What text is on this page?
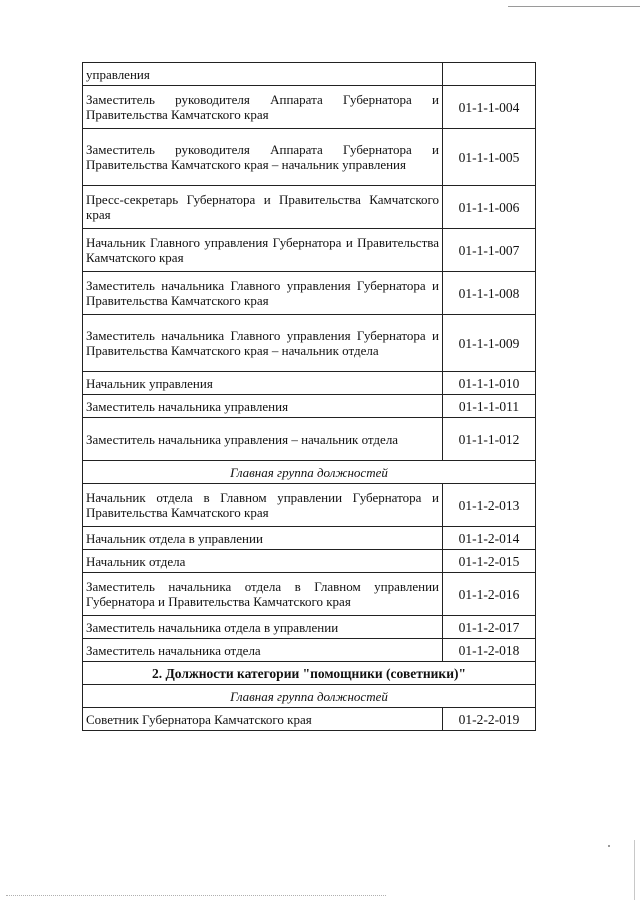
управления	
Заместитель руководителя Аппарата Губернатора и Правительства Камчатского края	01-1-1-004
Заместитель руководителя Аппарата Губернатора и Правительства Камчатского края – начальник управления	01-1-1-005
Пресс-секретарь Губернатора и Правительства Камчатского края	01-1-1-006
Начальник Главного управления Губернатора и Правительства Камчатского края	01-1-1-007
Заместитель начальника Главного управления Губернатора и Правительства Камчатского края	01-1-1-008
Заместитель начальника Главного управления Губернатора и Правительства Камчатского края – начальник отдела	01-1-1-009
Начальник управления	01-1-1-010
Заместитель начальника управления	01-1-1-011
Заместитель начальника управления – начальник отдела	01-1-1-012
Главная группа должностей	
Начальник отдела в Главном управлении Губернатора и Правительства Камчатского края	01-1-2-013
Начальник отдела в управлении	01-1-2-014
Начальник отдела	01-1-2-015
Заместитель начальника отдела в Главном управлении Губернатора и Правительства Камчатского края	01-1-2-016
Заместитель начальника отдела в управлении	01-1-2-017
Заместитель начальника отдела	01-1-2-018
2. Должности категории "помощники (советники)"	
Главная группа должностей	
Советник Губернатора Камчатского края	01-2-2-019
